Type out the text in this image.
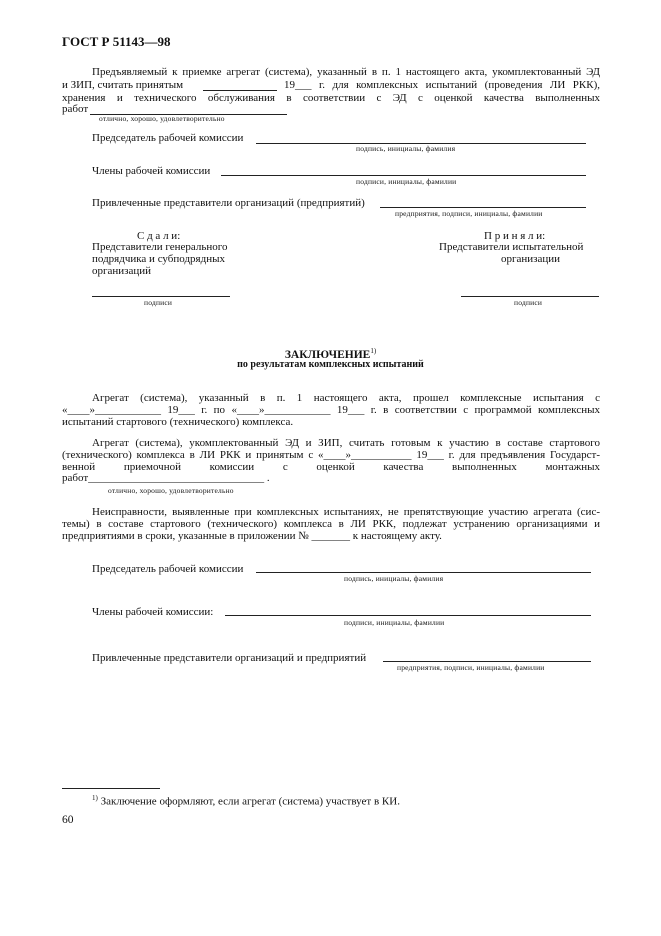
ГОСТ Р 51143—98
Предъявляемый к приемке агрегат (система), указанный в п. 1 настоящего акта, укомплектованный ЭД
и ЗИП, считать принятым	19___ г. для комплексных испытаний (проведения ЛИ РКК),
хранения и технического обслуживания в соответствии с ЭД с оценкой качества выполненных
работ
отлично, хорошо, удовлетворительно
Председатель рабочей комиссии
подпись, инициалы, фамилия
Члены рабочей комиссии
подписи, инициалы, фамилии
Привлеченные представители организаций (предприятий)
предприятия, подписи, инициалы, фамилии
С д а л и:
Представители генерального
подрядчика и субподрядных
организаций
П р и н я л и:
Представители испытательной
организации
подписи	подписи
ЗАКЛЮЧЕНИЕ$^{1)}$
по результатам комплексных испытаний
Агрегат (система), указанный в п. 1 настоящего акта, прошел комплексные испытания с
«____»____________ 19___ г. по «____»____________ 19___ г. в соответствии с программой комплексных
испытаний стартового (технического) комплекса.
Агрегат (система), укомплектованный ЭД и ЗИП, считать готовым к участию в составе стартового
(технического) комплекса в ЛИ РКК и принятым с «____»___________ 19___ г. для предъявления Государст-
венной приемочной комиссии с оценкой качества выполненных монтажных
работ________________________________ .
отлично, хорошо, удовлетворительно
Неисправности, выявленные при комплексных испытаниях, не препятствующие участию агрегата (сис-
темы) в составе стартового (технического) комплекса в ЛИ РКК, подлежат устранению организациями и
предприятиями в сроки, указанные в приложении № _______ к настоящему акту.
Председатель рабочей комиссии
подпись, инициалы, фамилия
Члены рабочей комиссии:
подписи, инициалы, фамилии
Привлеченные представители организаций и предприятий
предприятия, подписи, инициалы, фамилии
$^{1)}$ Заключение оформляют, если агрегат (система) участвует в КИ.
60
